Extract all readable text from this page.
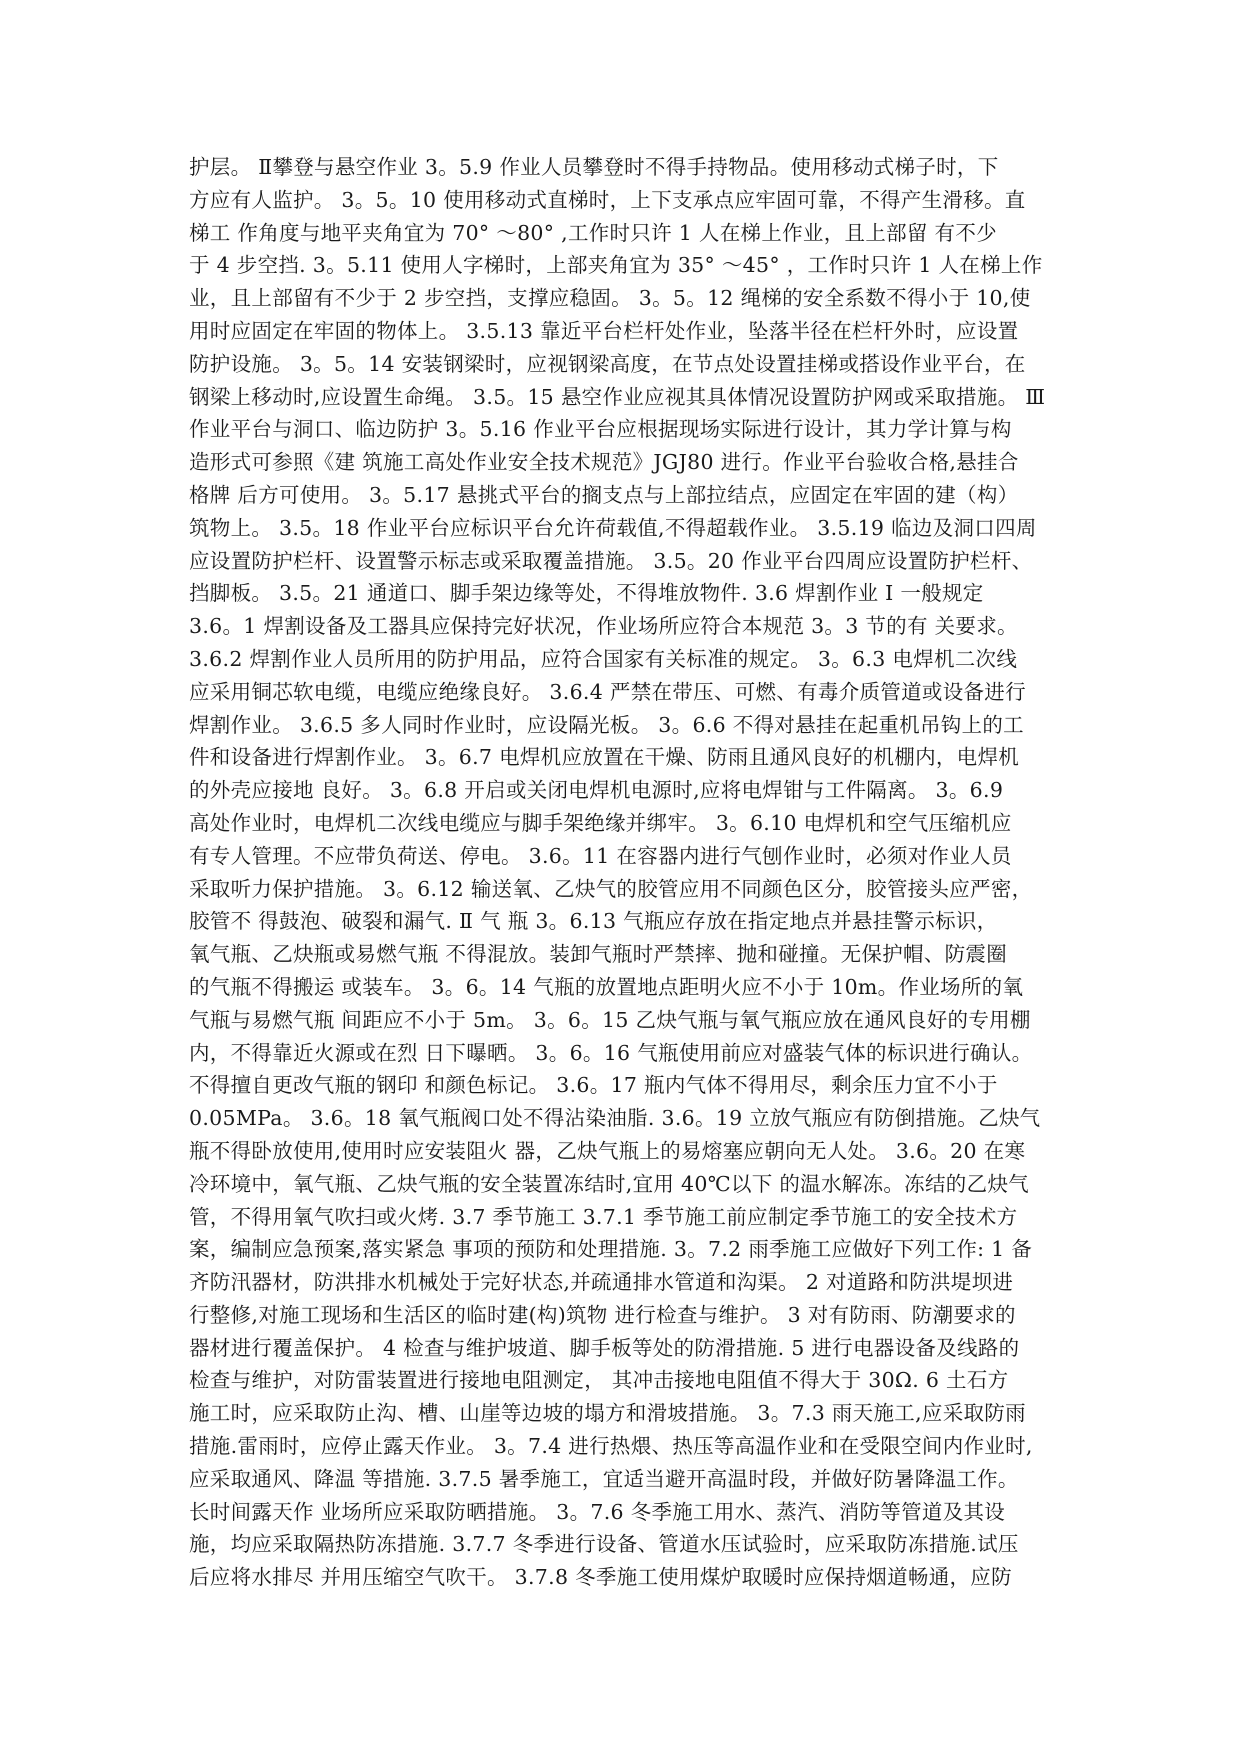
护层。 Ⅱ攀登与悬空作业 3。5.9 作业人员攀登时不得手持物品。使用移动式梯子时，下
方应有人监护。 3。5。10 使用移动式直梯时，上下支承点应牢固可靠，不得产生滑移。直
梯工 作角度与地平夹角宜为 70° ～80° ,工作时只许 1 人在梯上作业，且上部留 有不少
于 4 步空挡. 3。5.11 使用人字梯时，上部夹角宜为 35° ～45° ，工作时只许 1 人在梯上作
业，且上部留有不少于 2 步空挡，支撑应稳固。 3。5。12 绳梯的安全系数不得小于 10,使
用时应固定在牢固的物体上。 3.5.13 靠近平台栏杆处作业，坠落半径在栏杆外时，应设置
防护设施。 3。5。14 安装钢梁时，应视钢梁高度，在节点处设置挂梯或搭设作业平台，在
钢梁上移动时,应设置生命绳。 3.5。15 悬空作业应视其具体情况设置防护网或采取措施。 Ⅲ
作业平台与洞口、临边防护 3。5.16 作业平台应根据现场实际进行设计，其力学计算与构
造形式可参照《建 筑施工高处作业安全技术规范》JGJ80 进行。作业平台验收合格,悬挂合
格牌 后方可使用。 3。5.17 悬挑式平台的搁支点与上部拉结点，应固定在牢固的建（构）
筑物上。 3.5。18 作业平台应标识平台允许荷载值,不得超载作业。 3.5.19 临边及洞口四周
应设置防护栏杆、设置警示标志或采取覆盖措施。 3.5。20 作业平台四周应设置防护栏杆、
挡脚板。 3.5。21 通道口、脚手架边缘等处，不得堆放物件. 3.6 焊割作业 Ⅰ 一般规定
3.6。1 焊割设备及工器具应保持完好状况，作业场所应符合本规范 3。3 节的有 关要求。
3.6.2 焊割作业人员所用的防护用品，应符合国家有关标准的规定。 3。6.3 电焊机二次线
应采用铜芯软电缆，电缆应绝缘良好。 3.6.4 严禁在带压、可燃、有毒介质管道或设备进行
焊割作业。 3.6.5 多人同时作业时，应设隔光板。 3。6.6 不得对悬挂在起重机吊钩上的工
件和设备进行焊割作业。 3。6.7 电焊机应放置在干燥、防雨且通风良好的机棚内，电焊机
的外壳应接地 良好。 3。6.8 开启或关闭电焊机电源时,应将电焊钳与工件隔离。 3。6.9
高处作业时，电焊机二次线电缆应与脚手架绝缘并绑牢。 3。6.10 电焊机和空气压缩机应
有专人管理。不应带负荷送、停电。 3.6。11 在容器内进行气刨作业时，必须对作业人员
采取听力保护措施。 3。6.12 输送氧、乙炔气的胶管应用不同颜色区分，胶管接头应严密，
胶管不 得鼓泡、破裂和漏气. Ⅱ 气 瓶 3。6.13 气瓶应存放在指定地点并悬挂警示标识，
氧气瓶、乙炔瓶或易燃气瓶 不得混放。装卸气瓶时严禁摔、抛和碰撞。无保护帽、防震圈
的气瓶不得搬运 或装车。 3。6。14 气瓶的放置地点距明火应不小于 10m。作业场所的氧
气瓶与易燃气瓶 间距应不小于 5m。 3。6。15 乙炔气瓶与氧气瓶应放在通风良好的专用棚
内，不得靠近火源或在烈 日下曝晒。 3。6。16 气瓶使用前应对盛装气体的标识进行确认。
不得擅自更改气瓶的钢印 和颜色标记。 3.6。17 瓶内气体不得用尽，剩余压力宜不小于
0.05MPa。 3.6。18 氧气瓶阀口处不得沾染油脂. 3.6。19 立放气瓶应有防倒措施。乙炔气
瓶不得卧放使用,使用时应安装阻火 器，乙炔气瓶上的易熔塞应朝向无人处。 3.6。20 在寒
冷环境中，氧气瓶、乙炔气瓶的安全装置冻结时,宜用 40℃以下 的温水解冻。冻结的乙炔气
管，不得用氧气吹扫或火烤. 3.7 季节施工 3.7.1 季节施工前应制定季节施工的安全技术方
案，编制应急预案,落实紧急 事项的预防和处理措施. 3。7.2 雨季施工应做好下列工作: 1 备
齐防汛器材，防洪排水机械处于完好状态,并疏通排水管道和沟渠。 2 对道路和防洪堤坝进
行整修,对施工现场和生活区的临时建(构)筑物 进行检查与维护。 3 对有防雨、防潮要求的
器材进行覆盖保护。 4 检查与维护坡道、脚手板等处的防滑措施. 5 进行电器设备及线路的
检查与维护，对防雷装置进行接地电阻测定， 其冲击接地电阻值不得大于 30Ω. 6 土石方
施工时，应采取防止沟、槽、山崖等边坡的塌方和滑坡措施。 3。7.3 雨天施工,应采取防雨
措施.雷雨时，应停止露天作业。 3。7.4 进行热煨、热压等高温作业和在受限空间内作业时,
应采取通风、降温 等措施. 3.7.5 暑季施工，宜适当避开高温时段，并做好防暑降温工作。
长时间露天作 业场所应采取防晒措施。 3。7.6 冬季施工用水、蒸汽、消防等管道及其设
施，均应采取隔热防冻措施. 3.7.7 冬季进行设备、管道水压试验时，应采取防冻措施.试压
后应将水排尽 并用压缩空气吹干。 3.7.8 冬季施工使用煤炉取暖时应保持烟道畅通，应防
